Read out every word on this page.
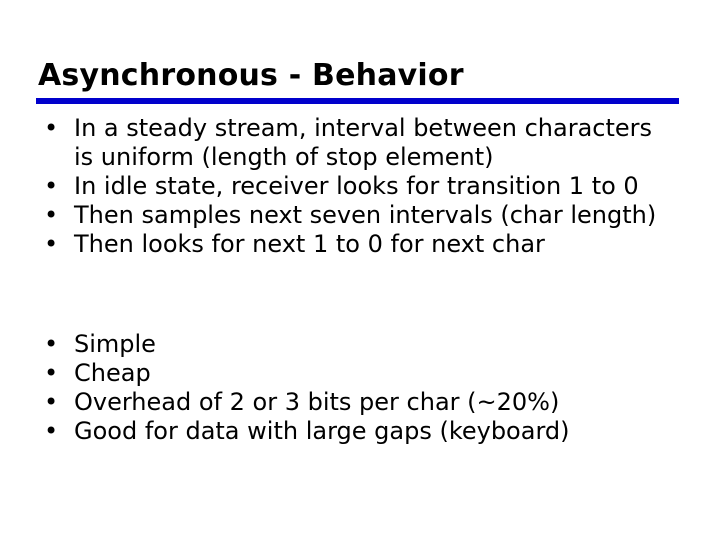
Asynchronous - Behavior
• In a steady stream, interval between characters
is uniform (length of stop element)
• In idle state, receiver looks for transition 1 to 0
• Then samples next seven intervals (char length)
• Then looks for next 1 to 0 for next char
• Simple
• Cheap
• Overhead of 2 or 3 bits per char (~20%)
• Good for data with large gaps (keyboard)
